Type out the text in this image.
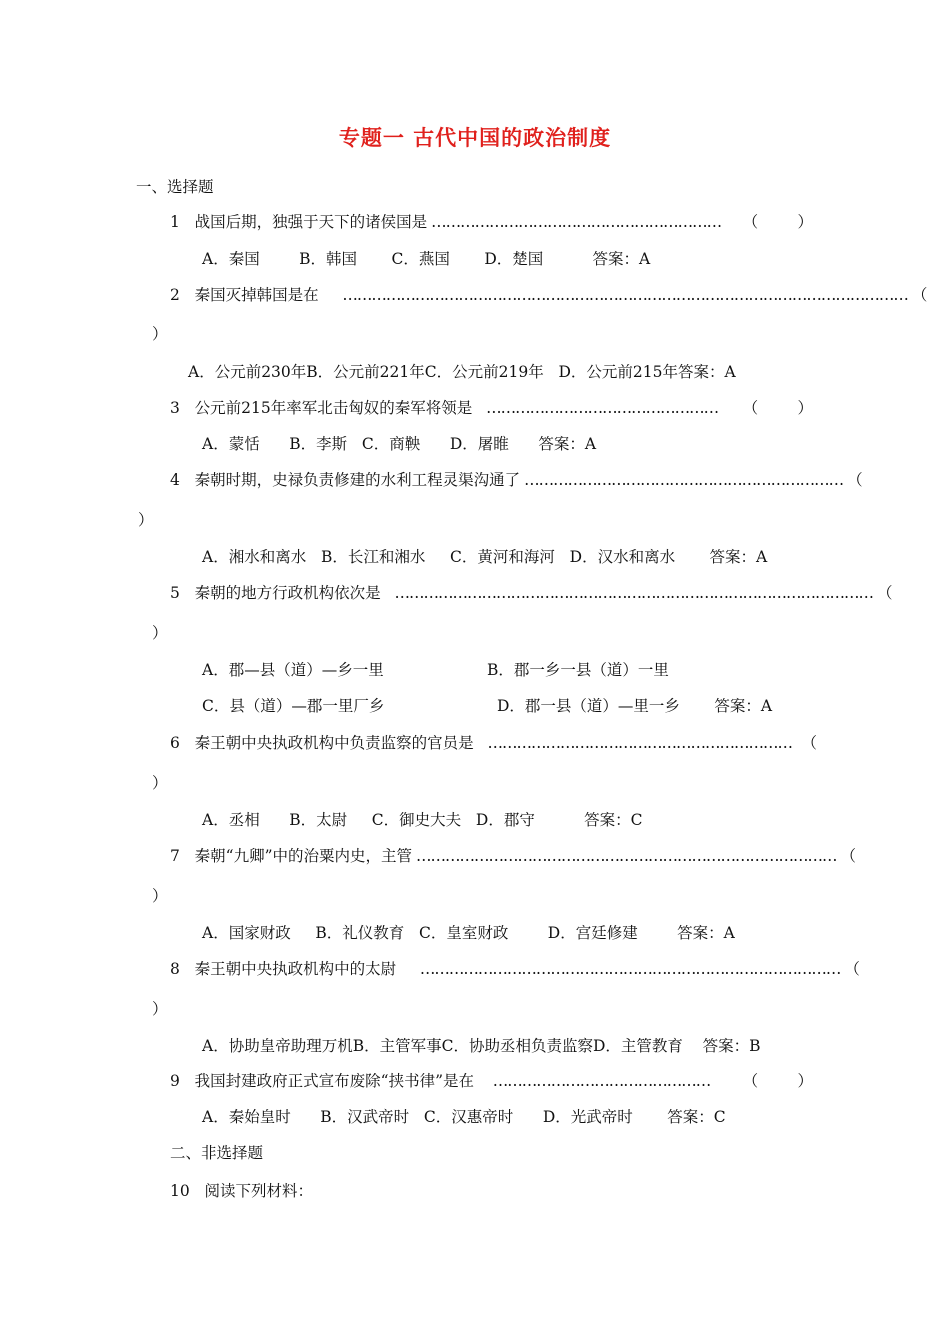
专题一 古代中国的政治制度
一、选择题
1   战国后期，独强于天下的诸侯国是 ……………………………………………………	（        ）
A．秦国        B．韩国       C．燕国       D．楚国          答案：A
2   秦国灭掉韩国是在 ……………………………………………………………………………………………………… （
）
A．公元前230年B．公元前221年C．公元前219年   D．公元前215年答案：A
3   公元前215年率军北击匈奴的秦军将领是 …………………………………………	（        ）
A．蒙恬      B．李斯   C．商鞅      D．屠睢      答案：A
4   秦朝时期，史禄负责修建的水利工程灵渠沟通了 ………………………………………………………… （
）
A．湘水和离水   B．长江和湘水     C．黄河和海河   D．汉水和离水       答案：A
5   秦朝的地方行政机构依次是 ……………………………………………………………………………………… （
）
A．郡—县（道）—乡一里	B．郡一乡一县（道）一里
C．县（道）—郡一里厂乡	D．郡一县（道）—里一乡       答案：A
6   秦王朝中央执政机构中负责监察的官员是 ……………………………………………………… （
）
A．丞相      B．太尉     C．御史大夫   D．郡守          答案：C
7   秦朝“九卿”中的治粟内史，主管 …………………………………………………………………………… （
）
A．国家财政     B．礼仪教育   C．皇室财政        D．宫廷修建        答案：A
8   秦王朝中央执政机构中的太尉 …………………………………………………………………………… （
）
A．协助皇帝助理万机B．主管军事C．协助丞相负责监察D．主管教育    答案：B
9   我国封建政府正式宣布废除“挟书律”是在 ………………………………………	（        ）
A．秦始皇时      B．汉武帝时   C．汉惠帝时      D．光武帝时       答案：C
二、非选择题
10   阅读下列材料：
